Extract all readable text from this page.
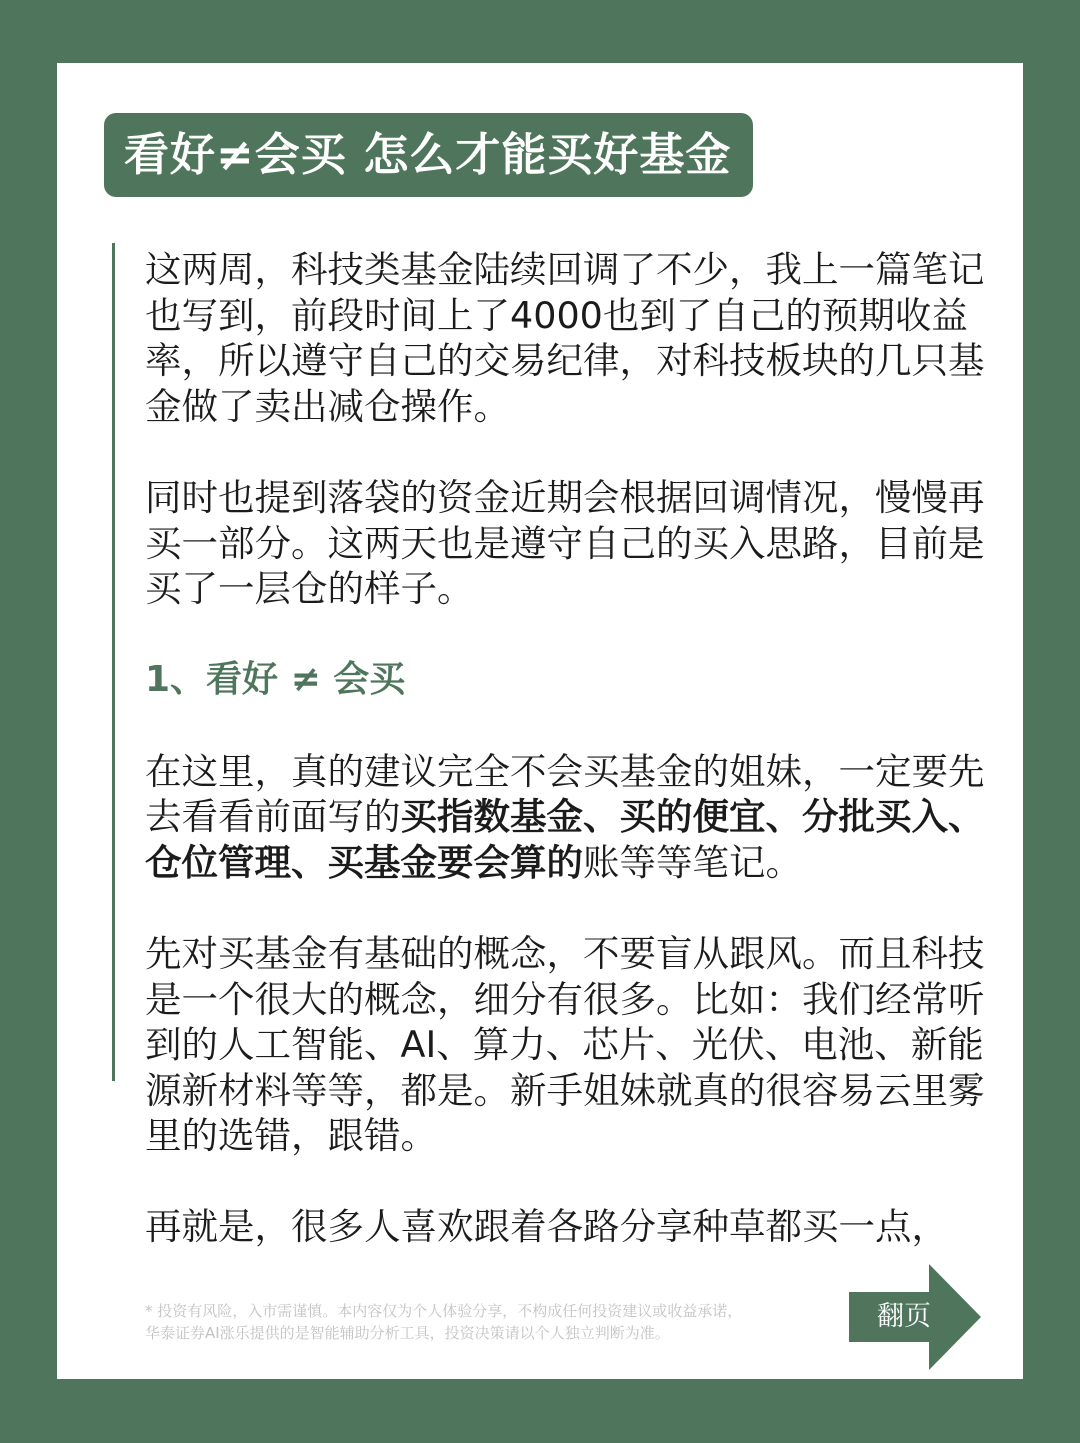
看好≠会买 怎么才能买好基金

这两周，科技类基金陆续回调了不少，我上一篇笔记也写到，前段时间上了4000也到了自己的预期收益率，所以遵守自己的交易纪律，对科技板块的几只基金做了卖出减仓操作。

同时也提到落袋的资金近期会根据回调情况，慢慢再买一部分。这两天也是遵守自己的买入思路，目前是买了一层仓的样子。

1、看好 ≠ 会买

在这里，真的建议完全不会买基金的姐妹，一定要先去看看前面写的买指数基金、买的便宜、分批买入、仓位管理、买基金要会算的账等等笔记。

先对买基金有基础的概念，不要盲从跟风。而且科技是一个很大的概念，细分有很多。比如：我们经常听到的人工智能、AI、算力、芯片、光伏、电池、新能源新材料等等，都是。新手姐妹就真的很容易云里雾里的选错，跟错。

再就是，很多人喜欢跟着各路分享种草都买一点，

* 投资有风险，入市需谨慎。本内容仅为个人体验分享，不构成任何投资建议或收益承诺，
华泰证券AI涨乐提供的是智能辅助分析工具，投资决策请以个人独立判断为准。
翻页
